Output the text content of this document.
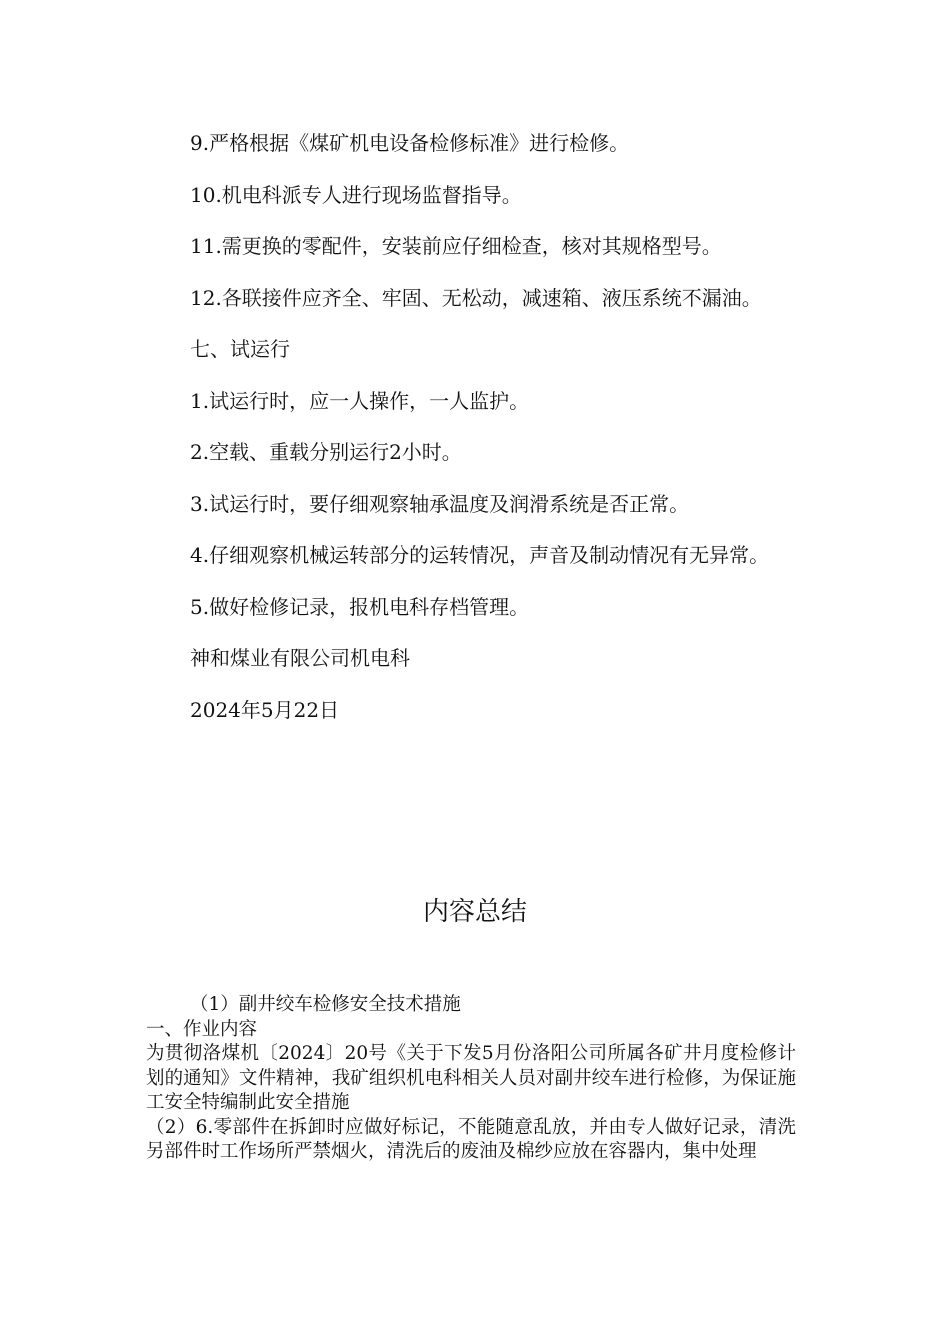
9.严格根据《煤矿机电设备检修标准》进行检修。

10.机电科派专人进行现场监督指导。

11.需更换的零配件，安装前应仔细检查，核对其规格型号。

12.各联接件应齐全、牢固、无松动，减速箱、液压系统不漏油。

七、试运行

1.试运行时，应一人操作，一人监护。

2.空载、重载分别运行2小时。

3.试运行时，要仔细观察轴承温度及润滑系统是否正常。

4.仔细观察机械运转部分的运转情况，声音及制动情况有无异常。

5.做好检修记录，报机电科存档管理。

神和煤业有限公司机电科

2024年5月22日

内容总结

（1）副井绞车检修安全技术措施

一、作业内容

为贯彻洛煤机〔2024〕20号《关于下发5月份洛阳公司所属各矿井月度检修计划的通知》文件精神，我矿组织机电科相关人员对副井绞车进行检修，为保证施工安全特编制此安全措施

（2）6.零部件在拆卸时应做好标记，不能随意乱放，并由专人做好记录，清洗另部件时工作场所严禁烟火，清洗后的废油及棉纱应放在容器内，集中处理
